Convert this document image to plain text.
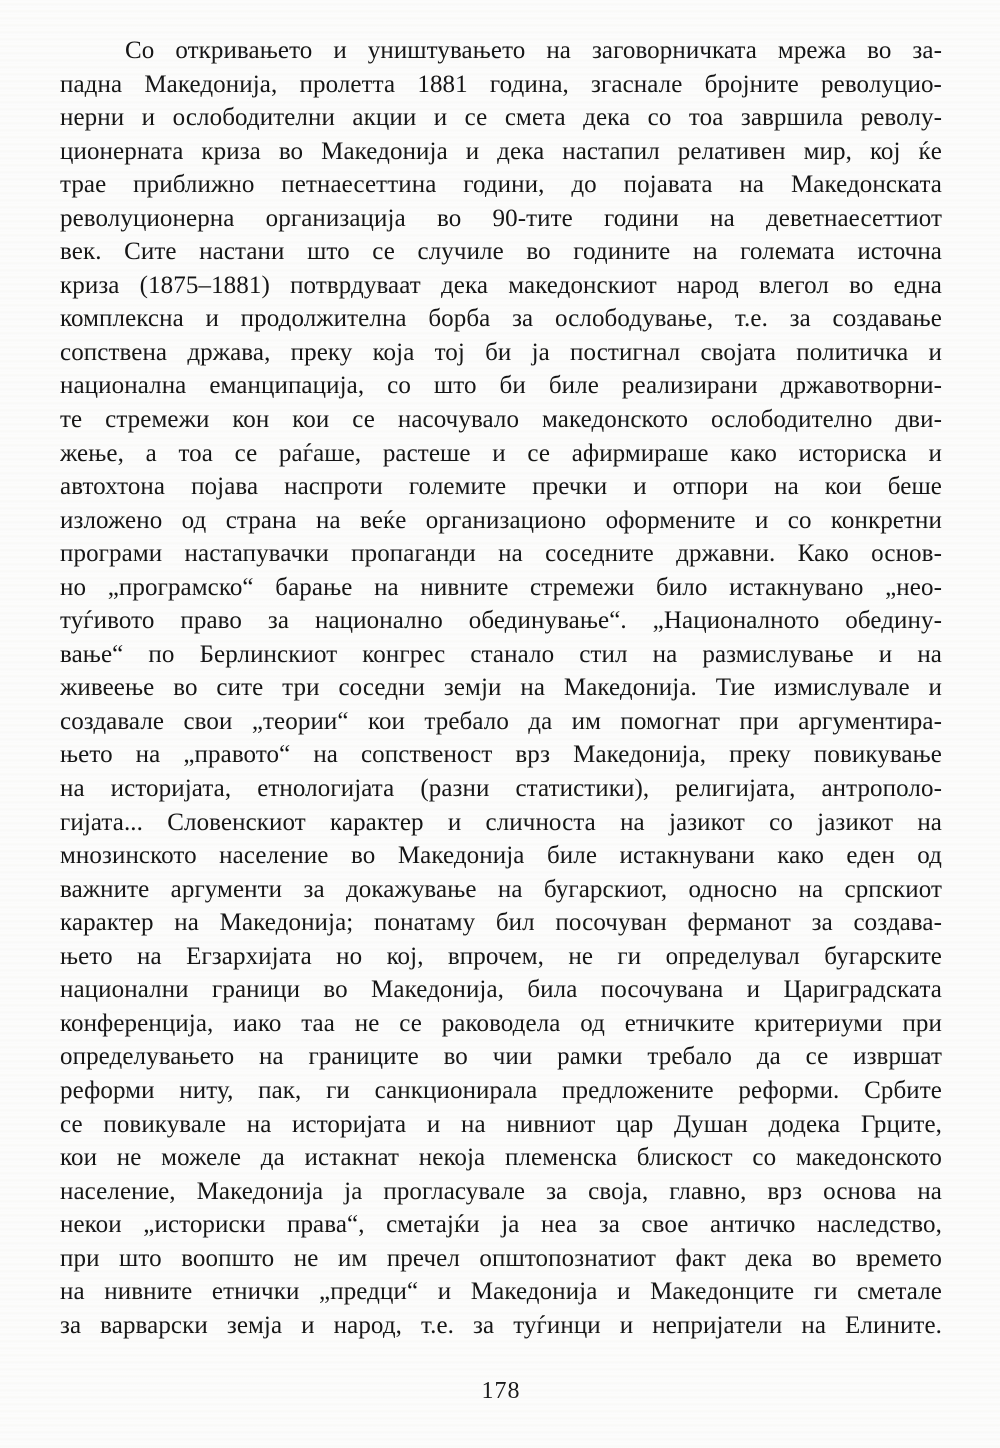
Со откривањето и уништувањето на заговорничката мрежа во за-
падна Македонија, пролетта 1881 година, згаснале бројните револуцио-
нерни и ослободителни акции и се смета дека со тоа завршила револу-
ционерната криза во Македонија и дека настапил релативен мир, кој ќе
трае приближно петнаесеттина години, до појавата на Македонската
револуционерна организација во 90-тите години на деветнаесеттиот
век. Сите настани што се случиле во годините на големата источна
криза (1875–1881) потврдуваат дека македонскиот народ влегол во една
комплексна и продолжителна борба за ослободување, т.е. за создавање
сопствена држава, преку која тој би ја постигнал својата политичка и
национална еманципација, со што би биле реализирани државотворни-
те стремежи кон кои се насочувало македонското ослободително дви-
жење, а тоа се раѓаше, растеше и се афирмираше како историска и
автохтона појава наспроти големите пречки и отпори на кои беше
изложено од страна на веќе организационо оформените и со конкретни
програми настапувачки пропаганди на соседните државни. Како основ-
но „програмско“ барање на нивните стремежи било истакнувано „нео-
туѓивото право за национално обединување“. „Националното обедину-
вање“ по Берлинскиот конгрес станало стил на размислување и на
живеење во сите три соседни земји на Македонија. Тие измислувале и
создавале свои „теории“ кои требало да им помогнат при аргументира-
њето на „правото“ на сопственост врз Македонија, преку повикување
на историјата, етнологијата (разни статистики), религијата, антрополо-
гијата... Словенскиот карактер и сличноста на јазикот со јазикот на
мнозинското население во Македонија биле истакнувани како еден од
важните аргументи за докажување на бугарскиот, односно на српскиот
карактер на Македонија; понатаму бил посочуван ферманот за создава-
њето на Егзархијата но кој, впрочем, не ги определувал бугарските
национални граници во Македонија, била посочувана и Цариградската
конференција, иако таа не се раководела од етничките критериуми при
определувањето на границите во чии рамки требало да се извршат
реформи ниту, пак, ги санкционирала предложените реформи. Србите
се повикувале на историјата и на нивниот цар Душан додека Грците,
кои не можеле да истакнат некоја племенска блискост со македонското
население, Македонија ја прогласувале за своја, главно, врз основа на
некои „историски права“, сметајќи ја неа за свое античко наследство,
при што воопшто не им пречел општопознатиот факт дека во времето
на нивните етнички „предци“ и Македонија и Македонците ги сметале
за варварски земја и народ, т.е. за туѓинци и непријатели на Елините.
178
